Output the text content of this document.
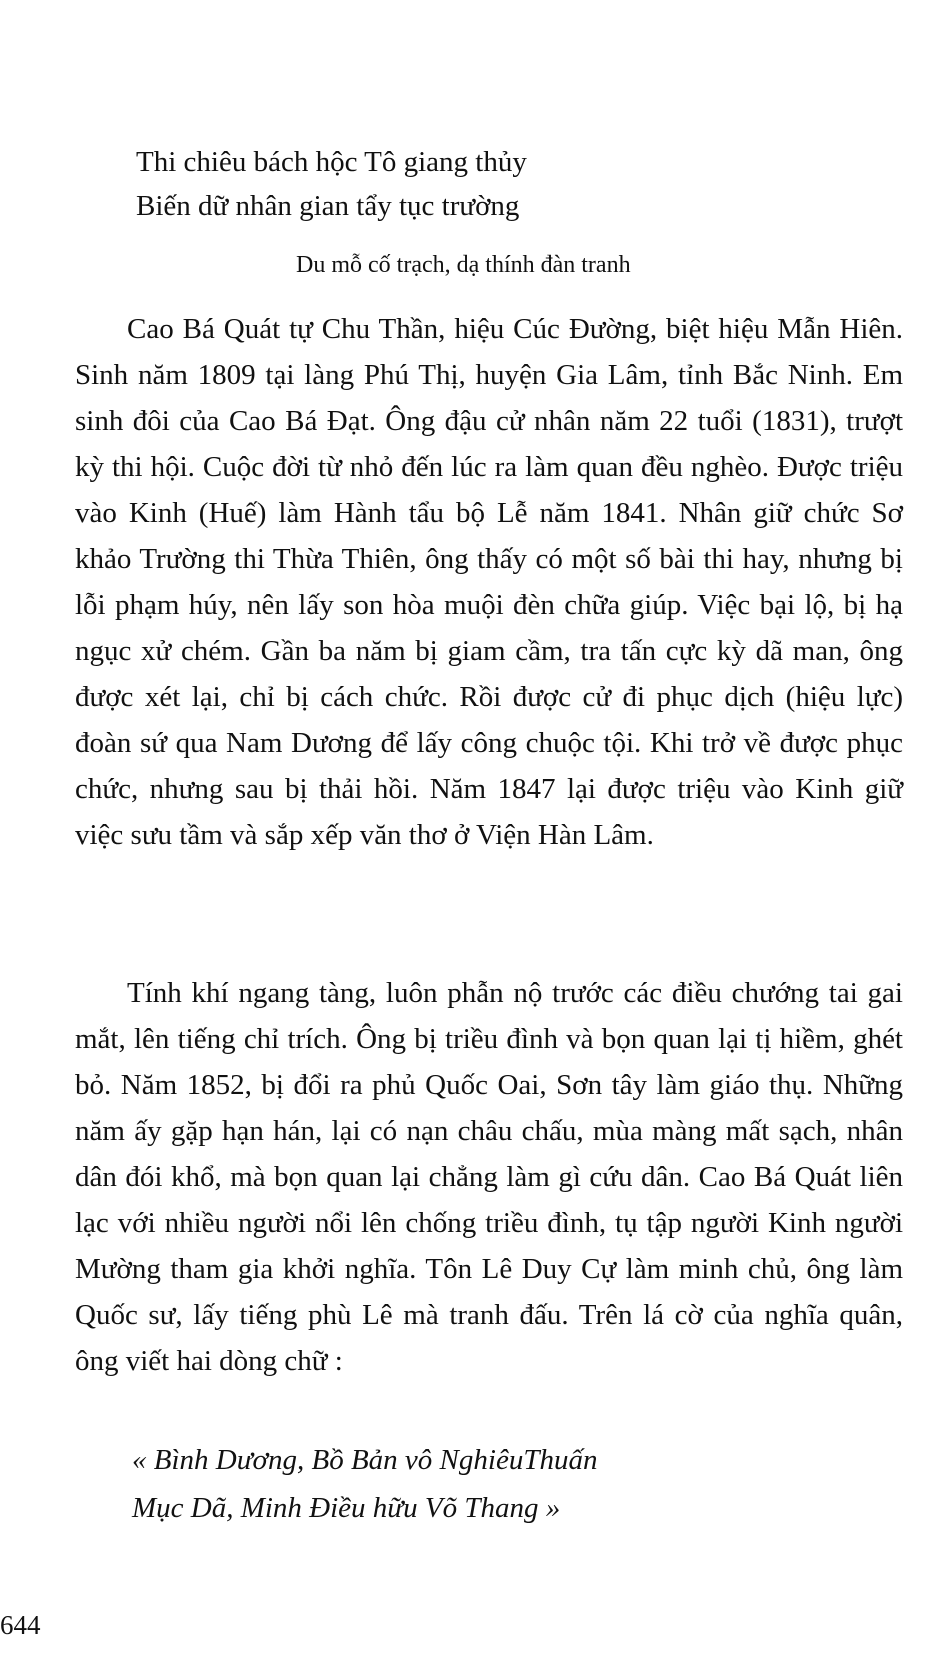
Thi chiêu bách hộc Tô giang thủy
Biến dữ nhân gian tẩy tục trường
Du mỗ cố trạch, dạ thính đàn tranh

Cao Bá Quát tự Chu Thần, hiệu Cúc Đường, biệt hiệu Mẫn Hiên. Sinh năm 1809 tại làng Phú Thị, huyện Gia Lâm, tỉnh Bắc Ninh. Em sinh đôi của Cao Bá Đạt. Ông đậu cử nhân năm 22 tuổi (1831), trượt kỳ thi hội. Cuộc đời từ nhỏ đến lúc ra làm quan đều nghèo. Được triệu vào Kinh (Huế) làm Hành tẩu bộ Lễ năm 1841. Nhân giữ chức Sơ khảo Trường thi Thừa Thiên, ông thấy có một số bài thi hay, nhưng bị lỗi phạm húy, nên lấy son hòa muội đèn chữa giúp. Việc bại lộ, bị hạ ngục xử chém. Gần ba năm bị giam cầm, tra tấn cực kỳ dã man, ông được xét lại, chỉ bị cách chức. Rồi được cử đi phục dịch (hiệu lực) đoàn sứ qua Nam Dương để lấy công chuộc tội. Khi trở về được phục chức, nhưng sau bị thải hồi. Năm 1847 lại được triệu vào Kinh giữ việc sưu tầm và sắp xếp văn thơ ở Viện Hàn Lâm.

Tính khí ngang tàng, luôn phẫn nộ trước các điều chướng tai gai mắt, lên tiếng chỉ trích. Ông bị triều đình và bọn quan lại tị hiềm, ghét bỏ. Năm 1852, bị đổi ra phủ Quốc Oai, Sơn tây làm giáo thụ. Những năm ấy gặp hạn hán, lại có nạn châu chấu, mùa màng mất sạch, nhân dân đói khổ, mà bọn quan lại chẳng làm gì cứu dân. Cao Bá Quát liên lạc với nhiều người nổi lên chống triều đình, tụ tập người Kinh người Mường tham gia khởi nghĩa. Tôn Lê Duy Cự làm minh chủ, ông làm Quốc sư, lấy tiếng phù Lê mà tranh đấu. Trên lá cờ của nghĩa quân, ông viết hai dòng chữ :

« Bình Dương, Bồ Bản vô NghiêuThuấn
Mục Dã, Minh Điều hữu Võ Thang »
644
